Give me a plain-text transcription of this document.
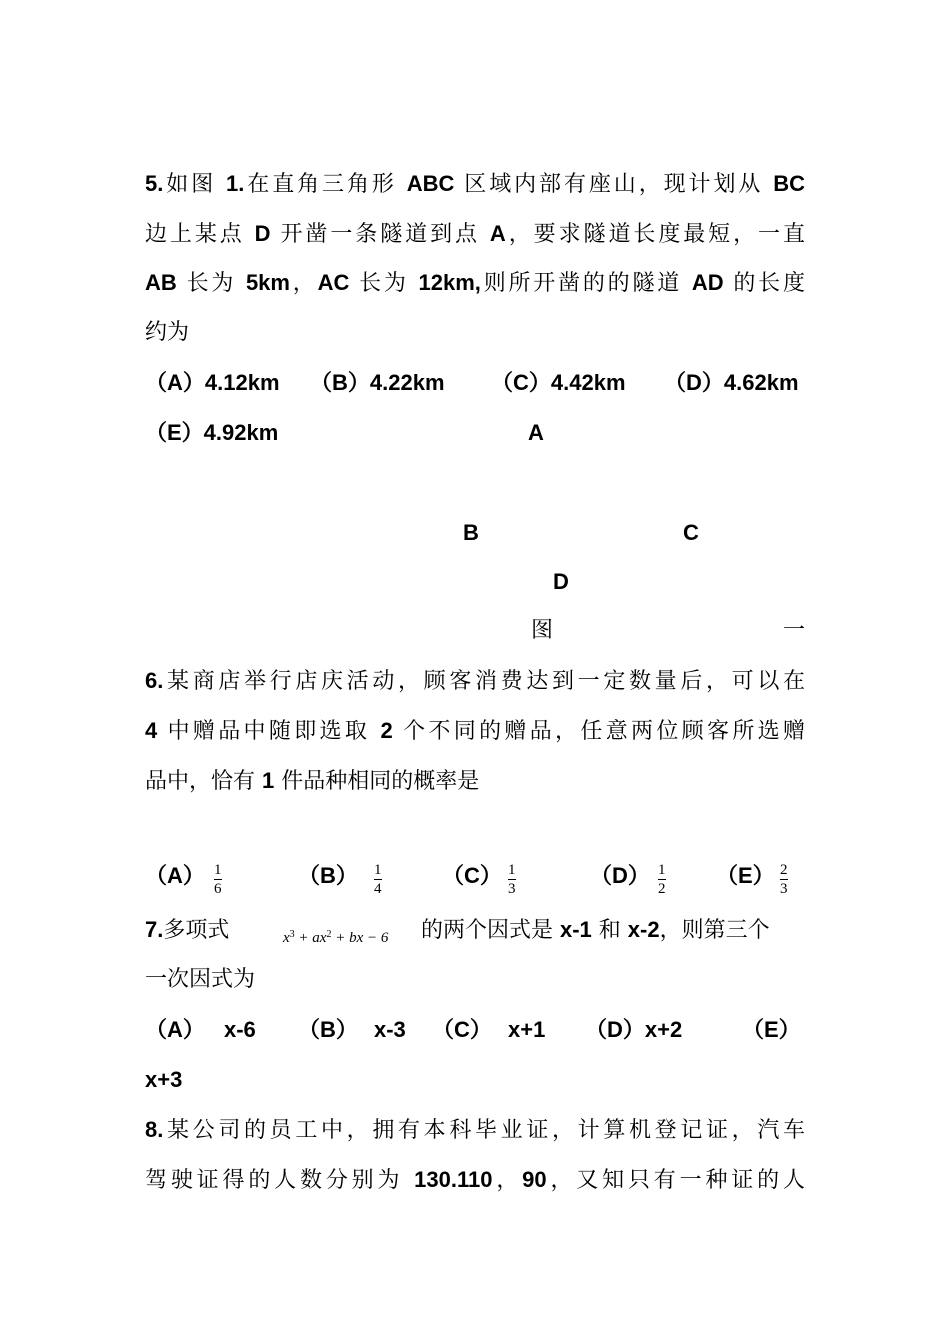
5.如图 1.在直角三角形 ABC 区域内部有座山，现计划从 BC
边上某点 D 开凿一条隧道到点 A，要求隧道长度最短，一直
AB 长为 5km，AC 长为 12km,则所开凿的的隧道 AD 的长度
约为
（A）4.12km （B）4.22km （C）4.42km （D）4.62km
（E）4.92km	A
B	C
D
图	一
6.某商店举行店庆活动，顾客消费达到一定数量后，可以在
4 中赠品中随即选取 2 个不同的赠品，任意两位顾客所选赠
品中，恰有 1 件品种相同的概率是
$(A) \frac{1}{6}$	$(B) \frac{1}{4}$	$(C) \frac{1}{3}$	$(D) \frac{1}{2} (E) \frac{2}{3}$
7.多项式	$x^3 + ax^2$ + bx − 6 的两个因式是 x-1 和 x-2，则第三个
一次因式为
（A） x-6 （B） x-3 （C） x+1 （D）x+2	（E）
x+3
8.某公司的员工中，拥有本科毕业证，计算机登记证，汽车
驾驶证得的人数分别为 130.110，90，又知只有一种证的人
